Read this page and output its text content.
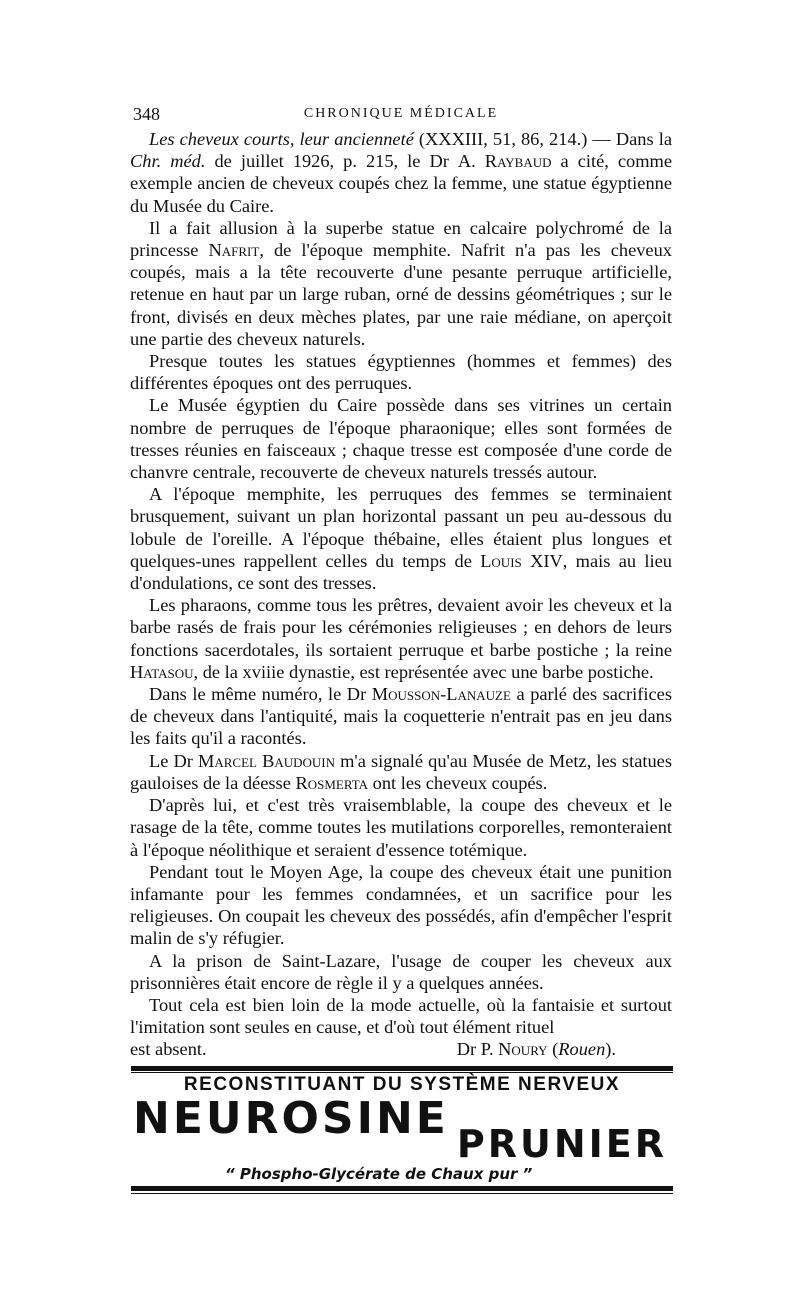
348	CHRONIQUE MÉDICALE

Les cheveux courts, leur ancienneté (XXXIII, 51, 86, 214.) — Dans la Chr. méd. de juillet 1926, p. 215, le Dr A. Raybaud a cité, comme exemple ancien de cheveux coupés chez la femme, une statue égyptienne du Musée du Caire.

Il a fait allusion à la superbe statue en calcaire polychromé de la princesse Nafrit, de l'époque memphite. Nafrit n'a pas les cheveux coupés, mais a la tête recouverte d'une pesante perruque artificielle, retenue en haut par un large ruban, orné de dessins géométriques ; sur le front, divisés en deux mèches plates, par une raie médiane, on aperçoit une partie des cheveux naturels.

Presque toutes les statues égyptiennes (hommes et femmes) des différentes époques ont des perruques.

Le Musée égyptien du Caire possède dans ses vitrines un certain nombre de perruques de l'époque pharaonique; elles sont formées de tresses réunies en faisceaux ; chaque tresse est composée d'une corde de chanvre centrale, recouverte de cheveux naturels tressés autour.

A l'époque memphite, les perruques des femmes se terminaient brusquement, suivant un plan horizontal passant un peu au-dessous du lobule de l'oreille. A l'époque thébaine, elles étaient plus longues et quelques-unes rappellent celles du temps de Louis XIV, mais au lieu d'ondulations, ce sont des tresses.

Les pharaons, comme tous les prêtres, devaient avoir les cheveux et la barbe rasés de frais pour les cérémonies religieuses ; en dehors de leurs fonctions sacerdotales, ils sortaient perruque et barbe postiche ; la reine Hatasou, de la xviiie dynastie, est représentée avec une barbe postiche.

Dans le même numéro, le Dr Mousson-Lanauze a parlé des sacrifices de cheveux dans l'antiquité, mais la coquetterie n'entrait pas en jeu dans les faits qu'il a racontés.

Le Dr Marcel Baudouin m'a signalé qu'au Musée de Metz, les statues gauloises de la déesse Rosmerta ont les cheveux coupés.

D'après lui, et c'est très vraisemblable, la coupe des cheveux et le rasage de la tête, comme toutes les mutilations corporelles, remonteraient à l'époque néolithique et seraient d'essence totémique.

Pendant tout le Moyen Age, la coupe des cheveux était une punition infamante pour les femmes condamnées, et un sacrifice pour les religieuses. On coupait les cheveux des possédés, afin d'empêcher l'esprit malin de s'y réfugier.

A la prison de Saint-Lazare, l'usage de couper les cheveux aux prisonnières était encore de règle il y a quelques années.

Tout cela est bien loin de la mode actuelle, où la fantaisie et surtout l'imitation sont seules en cause, et d'où tout élément rituel

est absent.	Dr P. Noury (Rouen).
RECONSTITUANT DU SYSTÈME NERVEUX
NEUROSINE PRUNIER
“ Phospho-Glycérate de Chaux pur ”
